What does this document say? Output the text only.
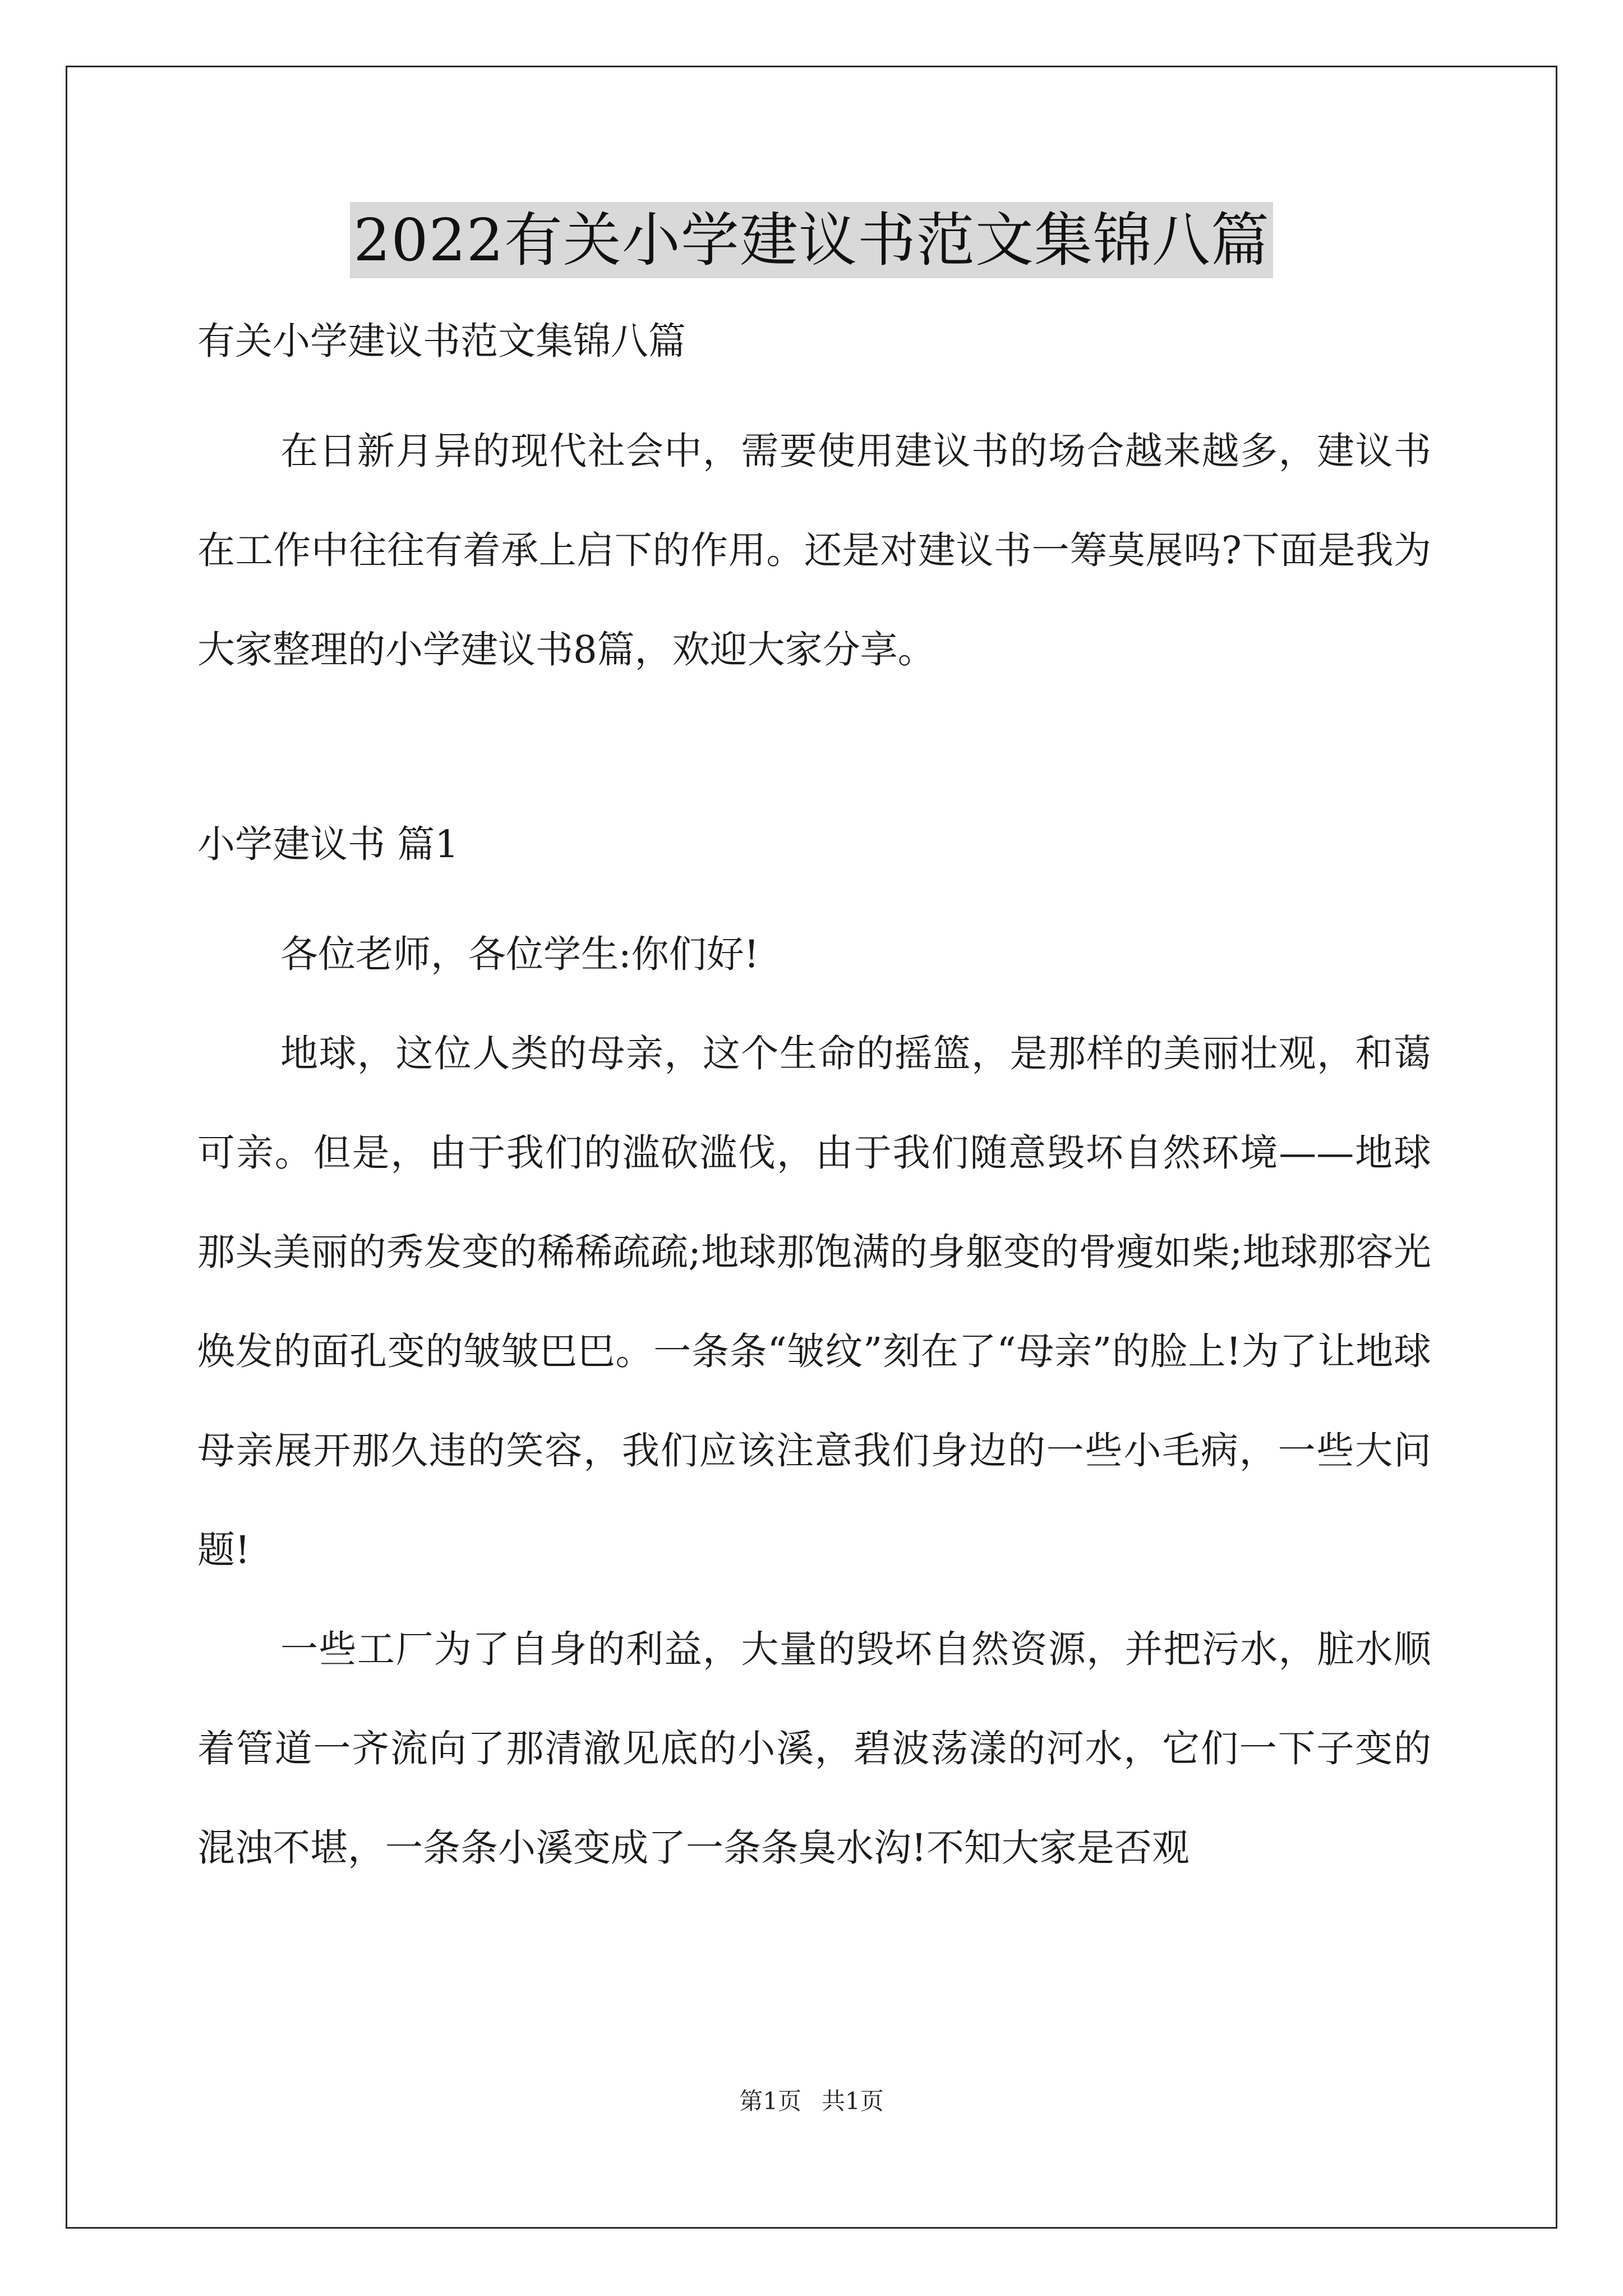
2022有关小学建议书范文集锦八篇

有关小学建议书范文集锦八篇

在日新月异的现代社会中，需要使用建议书的场合越来越多，建议书在工作中往往有着承上启下的作用。还是对建议书一筹莫展吗?下面是我为大家整理的小学建议书8篇，欢迎大家分享。

小学建议书 篇1

各位老师，各位学生:你们好!

地球，这位人类的母亲，这个生命的摇篮，是那样的美丽壮观，和蔼可亲。但是，由于我们的滥砍滥伐，由于我们随意毁坏自然环境——地球那头美丽的秀发变的稀稀疏疏;地球那饱满的身躯变的骨瘦如柴;地球那容光焕发的面孔变的皱皱巴巴。一条条“皱纹”刻在了“母亲”的脸上!为了让地球母亲展开那久违的笑容，我们应该注意我们身边的一些小毛病，一些大问题!

一些工厂为了自身的利益，大量的毁坏自然资源，并把污水，脏水顺着管道一齐流向了那清澈见底的小溪，碧波荡漾的河水，它们一下子变的混浊不堪，一条条小溪变成了一条条臭水沟!不知大家是否观

第1页 共1页
